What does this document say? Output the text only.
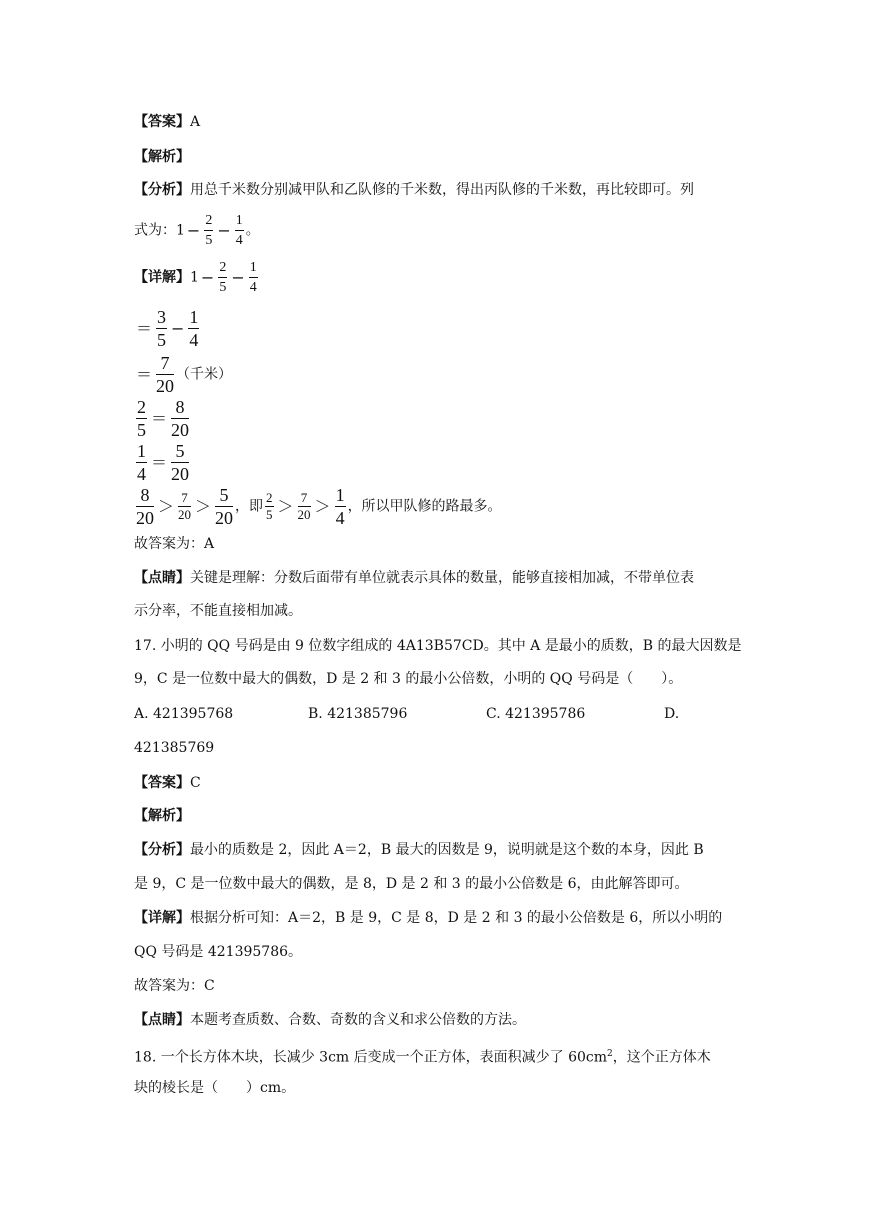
【答案】A
【解析】
【分析】用总千米数分别减甲队和乙队修的千米数，得出丙队修的千米数，再比较即可。列
式为：$1 - \frac{2}{5} - \frac{1}{4}$ 。
【详解】$1 - \frac{2}{5} - \frac{1}{4}$
＝ $\frac{3}{5} - \frac{1}{4}$
＝ $\frac{7}{20}$ （千米）
$\frac{2}{5} = \frac{8}{20}$
$\frac{1}{4} = \frac{5}{20}$
$\frac{8}{20} > \frac{7}{20} > \frac{5}{20}$ ，即 $\frac{2}{5} > \frac{7}{20} > \frac{1}{4}$ ，所以甲队修的路最多。
故答案为：A
【点睛】关键是理解：分数后面带有单位就表示具体的数量，能够直接相加减，不带单位表
示分率，不能直接相加减。
17. 小明的 QQ 号码是由 9 位数字组成的 4A13B57CD。其中 A 是最小的质数，B 的最大因数是
9，C 是一位数中最大的偶数，D 是 2 和 3 的最小公倍数，小明的 QQ 号码是（　　）。
A. 421395768	B. 421385796	C. 421395786	D.
421385769
【答案】C
【解析】
【分析】最小的质数是 2，因此 A＝2，B 最大的因数是 9，说明就是这个数的本身，因此 B
是 9，C 是一位数中最大的偶数，是 8，D 是 2 和 3 的最小公倍数是 6，由此解答即可。
【详解】根据分析可知：A＝2，B 是 9，C 是 8，D 是 2 和 3 的最小公倍数是 6，所以小明的
QQ 号码是 421395786。
故答案为：C
【点睛】本题考查质数、合数、奇数的含义和求公倍数的方法。
18. 一个长方体木块，长减少 3cm 后变成一个正方体，表面积减少了 $60cm^2$，这个正方体木
块的棱长是（　　）cm。
